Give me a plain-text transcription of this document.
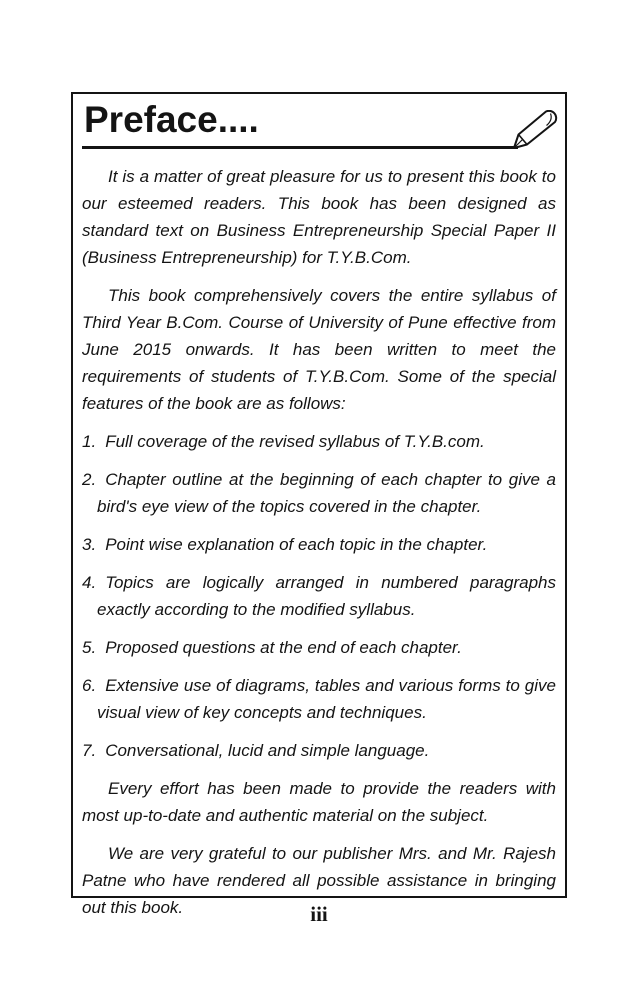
Preface....

It is a matter of great pleasure for us to present this book to our esteemed readers. This book has been designed as standard text on Business Entrepreneurship Special Paper II (Business Entrepreneurship) for T.Y.B.Com.

This book comprehensively covers the entire syllabus of Third Year B.Com. Course of University of Pune effective from June 2015 onwards. It has been written to meet the requirements of students of T.Y.B.Com. Some of the special features of the book are as follows:

1. Full coverage of the revised syllabus of T.Y.B.com.
2. Chapter outline at the beginning of each chapter to give a bird's eye view of the topics covered in the chapter.
3. Point wise explanation of each topic in the chapter.
4. Topics are logically arranged in numbered paragraphs exactly according to the modified syllabus.
5. Proposed questions at the end of each chapter.
6. Extensive use of diagrams, tables and various forms to give visual view of key concepts and techniques.
7. Conversational, lucid and simple language.

Every effort has been made to provide the readers with most up-to-date and authentic material on the subject.

We are very grateful to our publisher Mrs. and Mr. Rajesh Patne who have rendered all possible assistance in bringing out this book.	iii
